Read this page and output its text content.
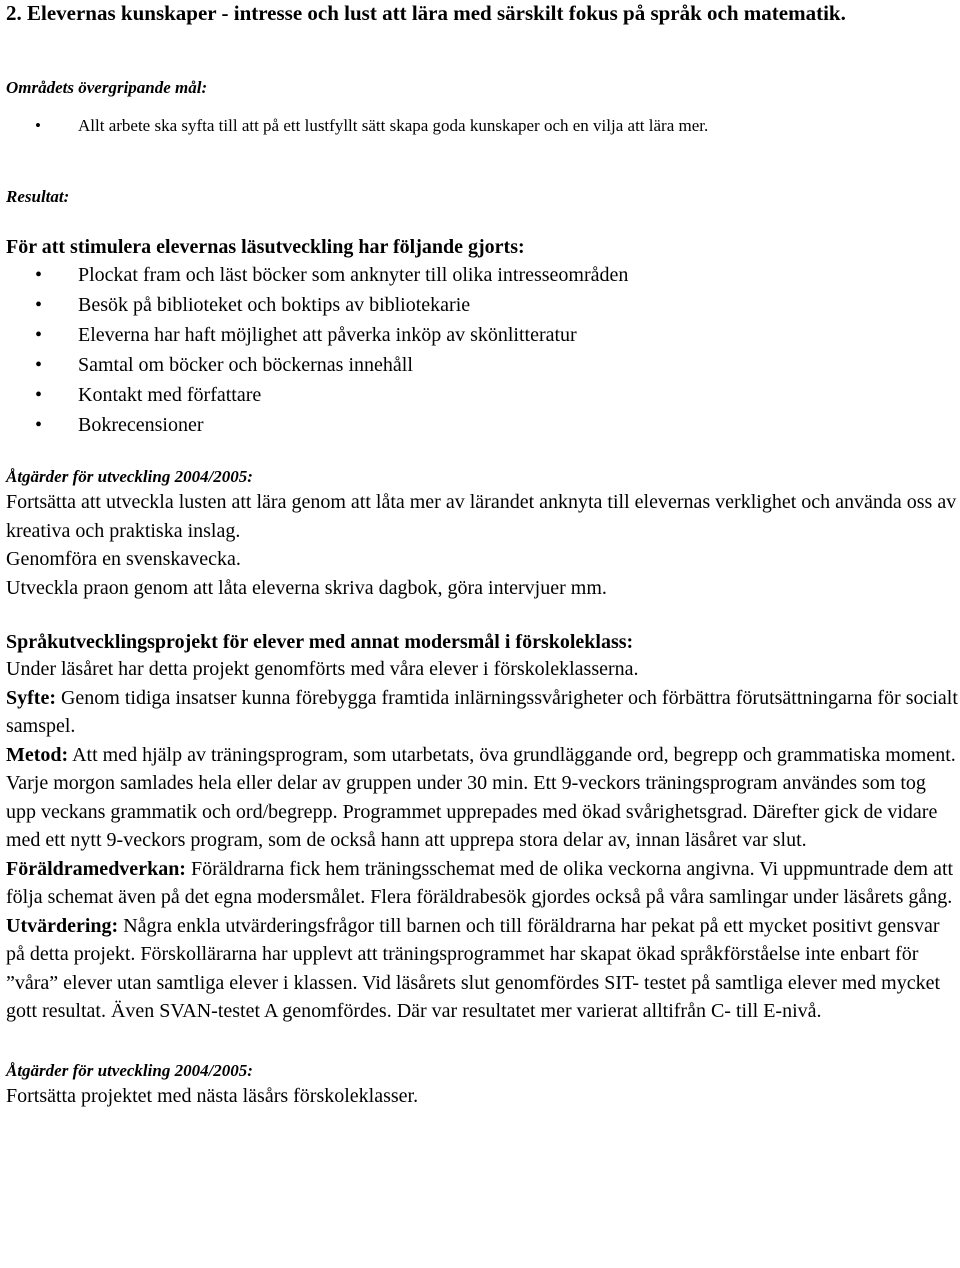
2. Elevernas kunskaper - intresse och lust att lära med särskilt fokus på språk och matematik.

Områdets övergripande mål:

• Allt arbete ska syfta till att på ett lustfyllt sätt skapa goda kunskaper och en vilja att lära mer.

Resultat:

För att stimulera elevernas läsutveckling har följande gjorts:

• Plockat fram och läst böcker som anknyter till olika intresseområden
• Besök på biblioteket och boktips av bibliotekarie
• Eleverna har haft möjlighet att påverka inköp av skönlitteratur
• Samtal om böcker och böckernas innehåll
• Kontakt med författare
• Bokrecensioner

Åtgärder för utveckling 2004/2005:

Fortsätta att utveckla lusten att lära genom att låta mer av lärandet anknyta till elevernas verklighet och använda oss av kreativa och praktiska inslag.

Genomföra en svenskavecka.

Utveckla praon genom att låta eleverna skriva dagbok, göra intervjuer mm.

Språkutvecklingsprojekt för elever med annat modersmål i förskoleklass:

Under läsåret har detta projekt genomförts med våra elever i förskoleklasserna.

Syfte: Genom tidiga insatser kunna förebygga framtida inlärningssvårigheter och förbättra förutsättningarna för socialt samspel.

Metod: Att med hjälp av träningsprogram, som utarbetats, öva grundläggande ord, begrepp och grammatiska moment.

Varje morgon samlades hela eller delar av gruppen under 30 min. Ett 9-veckors träningsprogram användes som tog upp veckans grammatik och ord/begrepp. Programmet upprepades med ökad svårighetsgrad. Därefter gick de vidare med ett nytt 9-veckors program, som de också hann att upprepa stora delar av, innan läsåret var slut.

Föräldramedverkan: Föräldrarna fick hem träningsschemat med de olika veckorna angivna. Vi uppmuntrade dem att följa schemat även på det egna modersmålet. Flera föräldrabesök gjordes också på våra samlingar under läsårets gång.

Utvärdering: Några enkla utvärderingsfrågor till barnen och till föräldrarna har pekat på ett mycket positivt gensvar på detta projekt. Förskollärarna har upplevt att träningsprogrammet har skapat ökad språkförståelse inte enbart för ”våra” elever utan samtliga elever i klassen. Vid läsårets slut genomfördes SIT- testet på samtliga elever med mycket gott resultat. Även SVAN-testet A genomfördes. Där var resultatet mer varierat alltifrån C- till E-nivå.

Åtgärder för utveckling 2004/2005:

Fortsätta projektet med nästa läsårs förskoleklasser.
